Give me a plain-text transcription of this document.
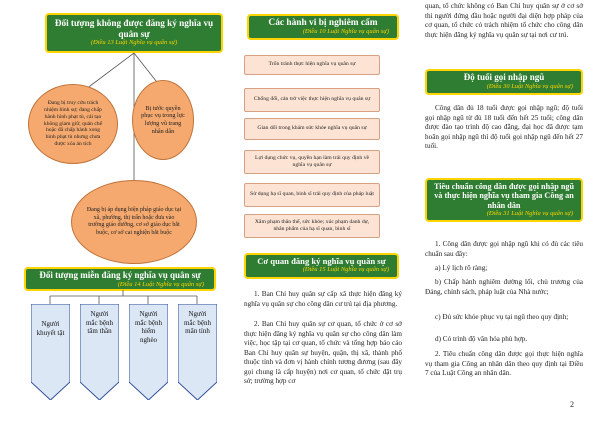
Đối tượng không được đăng ký nghĩa vụ quân sự
(Điều 13 Luật Nghĩa vụ quân sự)
Đang bị truy cứu trách nhiệm hình sự; đang chấp hành hình phạt tù, cải tạo không giam giữ, quản chế hoặc đã chấp hành xong hình phạt tù nhưng chưa được xóa án tích
Bị tước quyền phục vụ trong lực lượng vũ trang nhân dân
Đang bị áp dụng biện pháp giáo dục tại xã, phường, thị trấn hoặc đưa vào trường giáo dưỡng, cơ sở giáo dục bắt buộc, cơ sở cai nghiện bắt buộc
Đối tượng miễn đăng ký nghĩa vụ quân sự
(Điều 14 Luật Nghĩa vụ quân sự)
Người khuyết tật
Người mắc bệnh tâm thần
Người mắc bệnh hiểm nghèo
Người mắc bệnh mãn tính
Các hành vi bị nghiêm cấm
(Điều 10 Luật Nghĩa vụ quân sự)
Trốn tránh thực hiện nghĩa vụ quân sự
Chống đối, cản trở việc thực hiện nghĩa vụ quân sự
Gian dối trong khám sức khỏe nghĩa vụ quân sự
Lợi dụng chức vụ, quyền hạn làm trái quy định về nghĩa vụ quân sự
Sử dụng hạ sĩ quan, binh sĩ trái quy định của pháp luật
Xâm phạm thân thể, sức khỏe; xúc phạm danh dự, nhân phẩm của hạ sĩ quan, binh sĩ
Cơ quan đăng ký nghĩa vụ quân sự
(Điều 15 Luật Nghĩa vụ quân sự)
1. Ban Chỉ huy quân sự cấp xã thực hiện đăng ký nghĩa vụ quân sự cho công dân cư trú tại địa phương.
2. Ban Chỉ huy quân sự cơ quan, tổ chức ở cơ sở thực hiện đăng ký nghĩa vụ quân sự cho công dân làm việc, học tập tại cơ quan, tổ chức và tổng hợp báo cáo Ban Chỉ huy quân sự huyện, quận, thị xã, thành phố thuộc tỉnh và đơn vị hành chính tương đương (sau đây gọi chung là cấp huyện) nơi cơ quan, tổ chức đặt trụ sở; trường hợp cơ
quan, tổ chức không có Ban Chỉ huy quân sự ở cơ sở thì người đứng đầu hoặc người đại diện hợp pháp của cơ quan, tổ chức có trách nhiệm tổ chức cho công dân thực hiện đăng ký nghĩa vụ quân sự tại nơi cư trú.
Độ tuổi gọi nhập ngũ
(Điều 30 Luật Nghĩa vụ quân sự)
Công dân đủ 18 tuổi được gọi nhập ngũ; độ tuổi gọi nhập ngũ từ đủ 18 tuổi đến hết 25 tuổi; công dân được đào tạo trình độ cao đẳng, đại học đã được tạm hoãn gọi nhập ngũ thì độ tuổi gọi nhập ngũ đến hết 27 tuổi.
Tiêu chuẩn công dân được gọi nhập ngũ và thực hiện nghĩa vụ tham gia Công an nhân dân
(Điều 31 Luật Nghĩa vụ quân sự)
1. Công dân được gọi nhập ngũ khi có đủ các tiêu chuẩn sau đây:
a) Lý lịch rõ ràng;
b) Chấp hành nghiêm đường lối, chủ trương của Đảng, chính sách, pháp luật của Nhà nước;
c) Đủ sức khỏe phục vụ tại ngũ theo quy định;
d) Có trình độ văn hóa phù hợp.
2. Tiêu chuẩn công dân được gọi thực hiện nghĩa vụ tham gia Công an nhân dân theo quy định tại Điều 7 của Luật Công an nhân dân.
2
